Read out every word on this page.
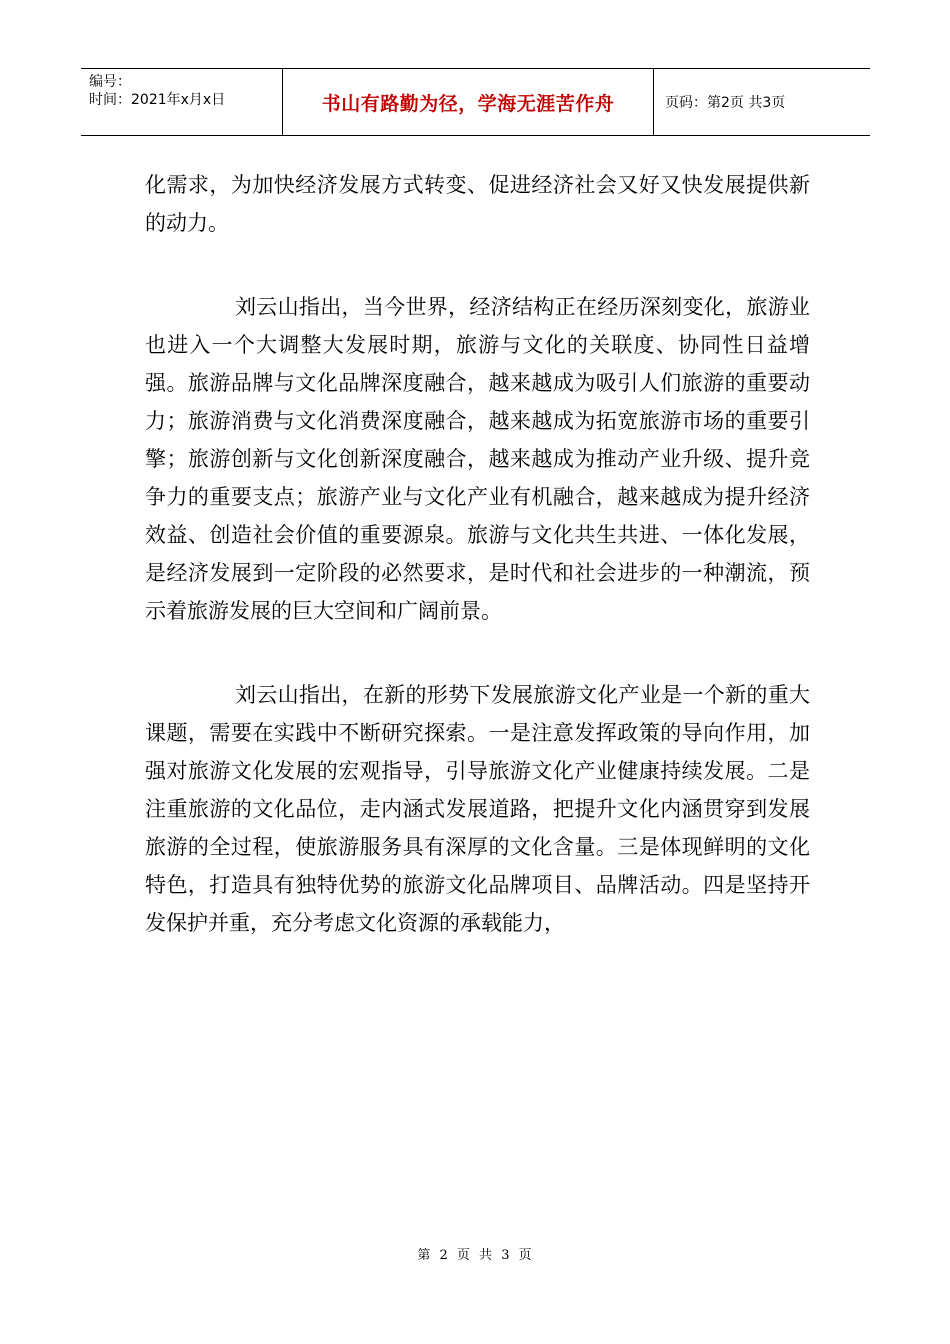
编号：
时间：2021年x月x日	书山有路勤为径，学海无涯苦作舟	页码：第2页 共3页

化需求，为加快经济发展方式转变、促进经济社会又好又快发展提供新的动力。

刘云山指出，当今世界，经济结构正在经历深刻变化，旅游业也进入一个大调整大发展时期，旅游与文化的关联度、协同性日益增强。旅游品牌与文化品牌深度融合，越来越成为吸引人们旅游的重要动力；旅游消费与文化消费深度融合，越来越成为拓宽旅游市场的重要引擎；旅游创新与文化创新深度融合，越来越成为推动产业升级、提升竞争力的重要支点；旅游产业与文化产业有机融合，越来越成为提升经济效益、创造社会价值的重要源泉。旅游与文化共生共进、一体化发展，是经济发展到一定阶段的必然要求，是时代和社会进步的一种潮流，预示着旅游发展的巨大空间和广阔前景。

刘云山指出，在新的形势下发展旅游文化产业是一个新的重大课题，需要在实践中不断研究探索。一是注意发挥政策的导向作用，加强对旅游文化发展的宏观指导，引导旅游文化产业健康持续发展。二是注重旅游的文化品位，走内涵式发展道路，把提升文化内涵贯穿到发展旅游的全过程，使旅游服务具有深厚的文化含量。三是体现鲜明的文化特色，打造具有独特优势的旅游文化品牌项目、品牌活动。四是坚持开发保护并重，充分考虑文化资源的承载能力，

第 2 页 共 3 页
